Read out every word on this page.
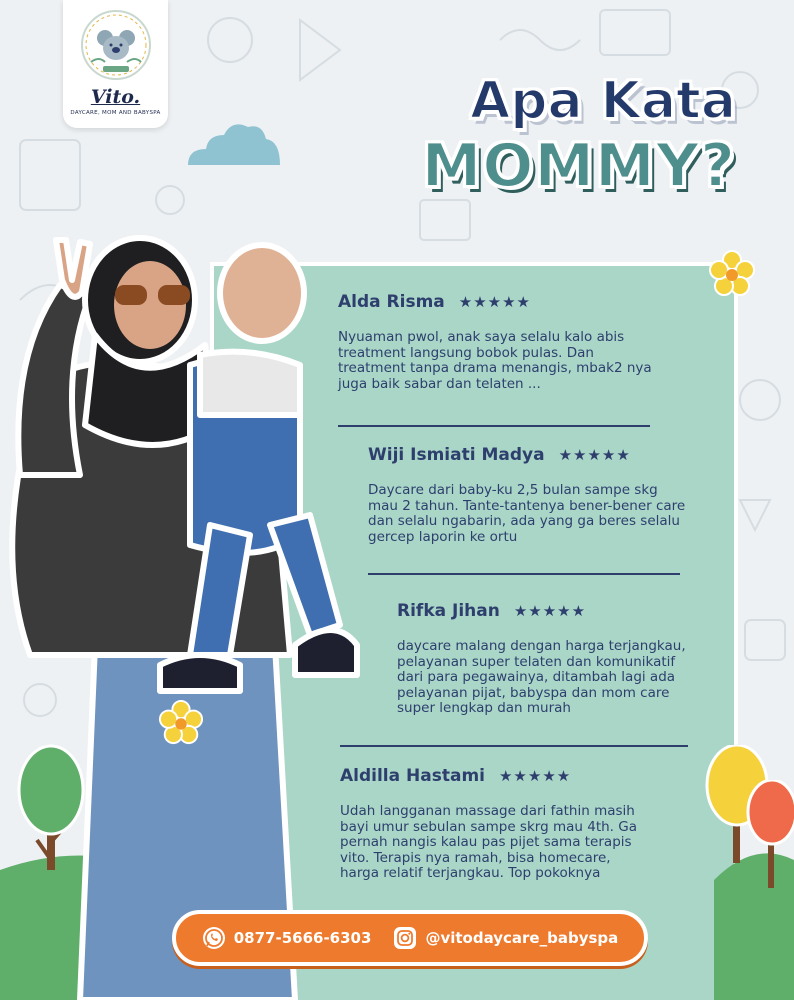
Vito.
DAYCARE, MOM AND BABYSPA	Apa Kata
MOMMY?
Alda Risma ★★★★★
Nyuaman pwol, anak saya selalu kalo abis treatment langsung bobok pulas. Dan treatment tanpa drama menangis, mbak2 nya juga baik sabar dan telaten ...
Wiji Ismiati Madya ★★★★★
Daycare dari baby-ku 2,5 bulan sampe skg mau 2 tahun. Tante-tantenya bener-bener care dan selalu ngabarin, ada yang ga beres selalu gercep laporin ke ortu
Rifka Jihan ★★★★★
daycare malang dengan harga terjangkau, pelayanan super telaten dan komunikatif dari para pegawainya, ditambah lagi ada pelayanan pijat, babyspa dan mom care super lengkap dan murah
Aldilla Hastami ★★★★★
Udah langganan massage dari fathin masih bayi umur sebulan sampe skrg mau 4th. Ga pernah nangis kalau pas pijet sama terapis vito. Terapis nya ramah, bisa homecare, harga relatif terjangkau. Top pokoknya
0877-5666-6303	@vitodaycare_babyspa
